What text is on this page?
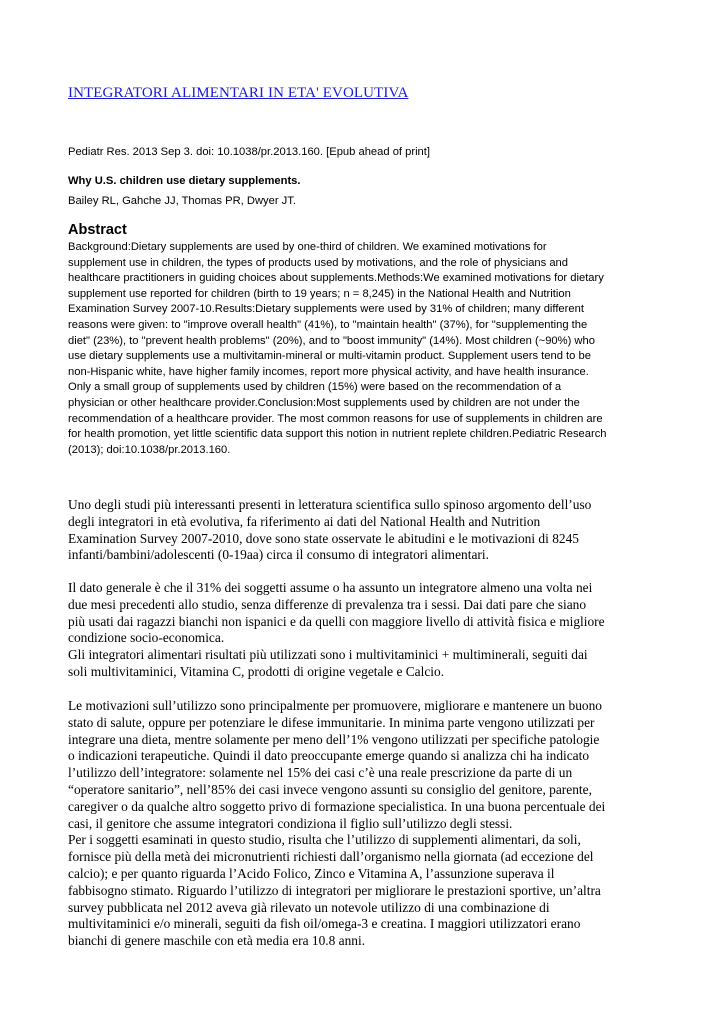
INTEGRATORI ALIMENTARI IN ETA' EVOLUTIVA
Pediatr Res. 2013 Sep 3. doi: 10.1038/pr.2013.160. [Epub ahead of print]
Why U.S. children use dietary supplements.
Bailey RL, Gahche JJ, Thomas PR, Dwyer JT.
Abstract
Background:Dietary supplements are used by one-third of children. We examined motivations for
supplement use in children, the types of products used by motivations, and the role of physicians and
healthcare practitioners in guiding choices about supplements.Methods:We examined motivations for dietary
supplement use reported for children (birth to 19 years; n = 8,245) in the National Health and Nutrition
Examination Survey 2007-10.Results:Dietary supplements were used by 31% of children; many different
reasons were given: to "improve overall health" (41%), to "maintain health" (37%), for "supplementing the
diet" (23%), to "prevent health problems" (20%), and to "boost immunity" (14%). Most children (~90%) who
use dietary supplements use a multivitamin-mineral or multi-vitamin product. Supplement users tend to be
non-Hispanic white, have higher family incomes, report more physical activity, and have health insurance.
Only a small group of supplements used by children (15%) were based on the recommendation of a
physician or other healthcare provider.Conclusion:Most supplements used by children are not under the
recommendation of a healthcare provider. The most common reasons for use of supplements in children are
for health promotion, yet little scientific data support this notion in nutrient replete children.Pediatric Research
(2013); doi:10.1038/pr.2013.160.
Uno degli studi più interessanti presenti in letteratura scientifica sullo spinoso argomento dell’uso
degli integratori in età evolutiva, fa riferimento ai dati del National Health and Nutrition
Examination Survey 2007-2010, dove sono state osservate le abitudini e le motivazioni di 8245
infanti/bambini/adolescenti (0-19aa) circa il consumo di integratori alimentari.
Il dato generale è che il 31% dei soggetti assume o ha assunto un integratore almeno una volta nei
due mesi precedenti allo studio, senza differenze di prevalenza tra i sessi. Dai dati pare che siano
più usati dai ragazzi bianchi non ispanici e da quelli con maggiore livello di attività fisica e migliore
condizione socio-economica.
Gli integratori alimentari risultati più utilizzati sono i multivitaminici + multiminerali, seguiti dai
soli multivitaminici, Vitamina C, prodotti di origine vegetale e Calcio.
Le motivazioni sull’utilizzo sono principalmente per promuovere, migliorare e mantenere un buono
stato di salute, oppure per potenziare le difese immunitarie. In minima parte vengono utilizzati per
integrare una dieta, mentre solamente per meno dell’1% vengono utilizzati per specifiche patologie
o indicazioni terapeutiche. Quindi il dato preoccupante emerge quando si analizza chi ha indicato
l’utilizzo dell’integratore: solamente nel 15% dei casi c’è una reale prescrizione da parte di un
“operatore sanitario”, nell’85% dei casi invece vengono assunti su consiglio del genitore, parente,
caregiver o da qualche altro soggetto privo di formazione specialistica. In una buona percentuale dei
casi, il genitore che assume integratori condiziona il figlio sull’utilizzo degli stessi.
Per i soggetti esaminati in questo studio, risulta che l’utilizzo di supplementi alimentari, da soli,
fornisce più della metà dei micronutrienti richiesti dall’organismo nella giornata (ad eccezione del
calcio); e per quanto riguarda l’Acido Folico, Zinco e Vitamina A, l’assunzione superava il
fabbisogno stimato. Riguardo l’utilizzo di integratori per migliorare le prestazioni sportive, un’altra
survey pubblicata nel 2012 aveva già rilevato un notevole utilizzo di una combinazione di
multivitaminici e/o minerali, seguiti da fish oil/omega-3 e creatina. I maggiori utilizzatori erano
bianchi di genere maschile con età media era 10.8 anni.
